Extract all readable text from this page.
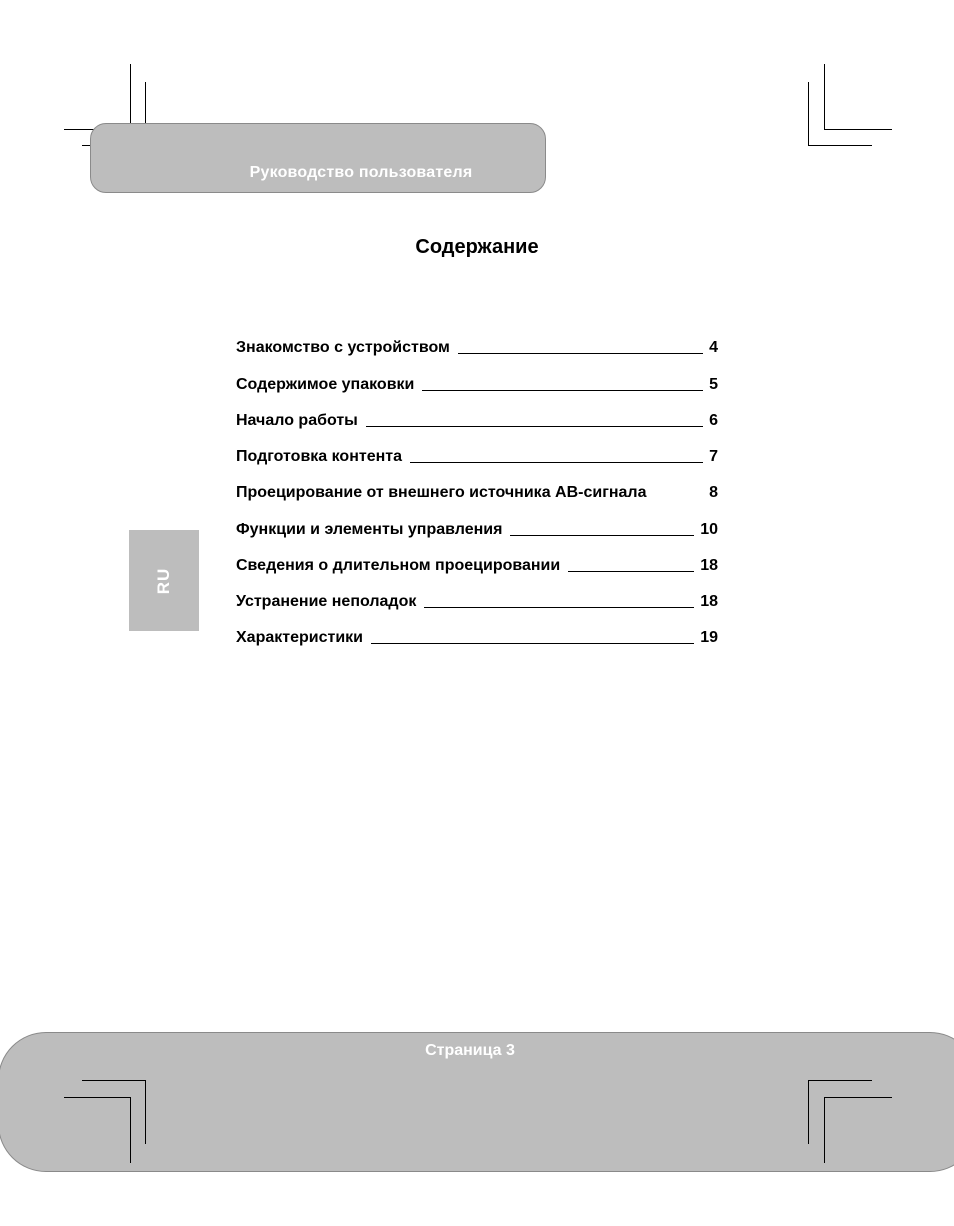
Руководство пользователя
Содержание
Знакомство с устройством	4
Содержимое упаковки	5
Начало работы	6
Подготовка контента	7
Проецирование от внешнего источника АВ-сигнала	8
Функции и элементы управления	10
Сведения о длительном проецировании	18
Устранение неполадок	18
Характеристики	19
RU
Страница 3
